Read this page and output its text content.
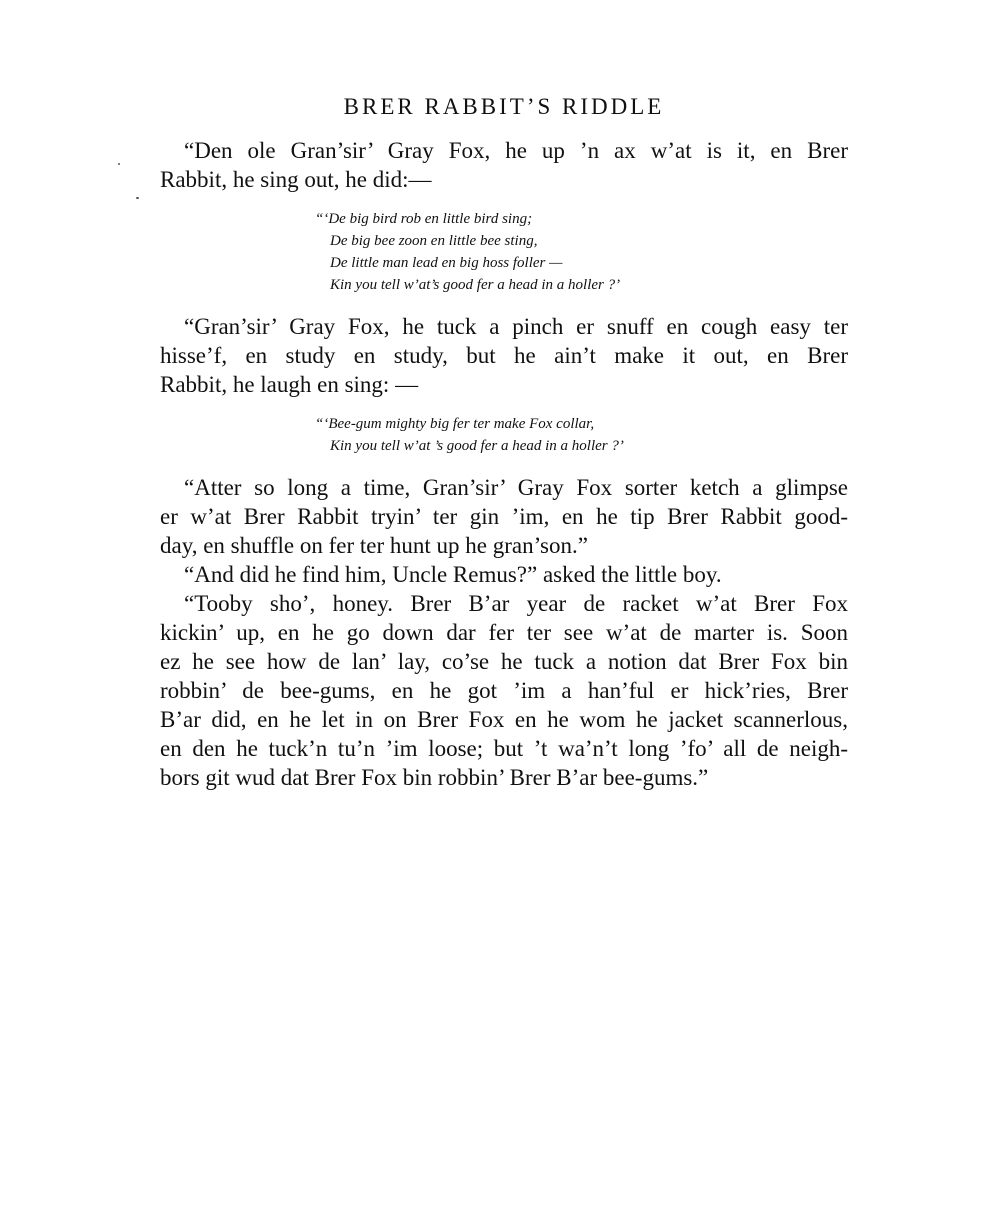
BRER RABBIT’S RIDDLE

“Den ole Gran’sir’ Gray Fox, he up ’n ax w’at is it, en Brer
Rabbit, he sing out, he did:—

“‘De big bird rob en little bird sing;
De big bee zoon en little bee sting,
De little man lead en big hoss foller —
Kin you tell w’at’s good fer a head in a holler ?’

“Gran’sir’ Gray Fox, he tuck a pinch er snuff en cough easy ter
hisse’f, en study en study, but he ain’t make it out, en Brer
Rabbit, he laugh en sing: —

“‘Bee-gum mighty big fer ter make Fox collar,
Kin you tell w’at ’s good fer a head in a holler ?’

“Atter so long a time, Gran’sir’ Gray Fox sorter ketch a glimpse
er w’at Brer Rabbit tryin’ ter gin ’im, en he tip Brer Rabbit good-
day, en shuffle on fer ter hunt up he gran’son.”

“And did he find him, Uncle Remus?” asked the little boy.

“Tooby sho’, honey. Brer B’ar year de racket w’at Brer Fox
kickin’ up, en he go down dar fer ter see w’at de marter is. Soon
ez he see how de lan’ lay, co’se he tuck a notion dat Brer Fox bin
robbin’ de bee-gums, en he got ’im a han’ful er hick’ries, Brer
B’ar did, en he let in on Brer Fox en he wom he jacket scannerlous,
en den he tuck’n tu’n ’im loose; but ’t wa’n’t long ’fo’ all de neigh-
bors git wud dat Brer Fox bin robbin’ Brer B’ar bee-gums.”
